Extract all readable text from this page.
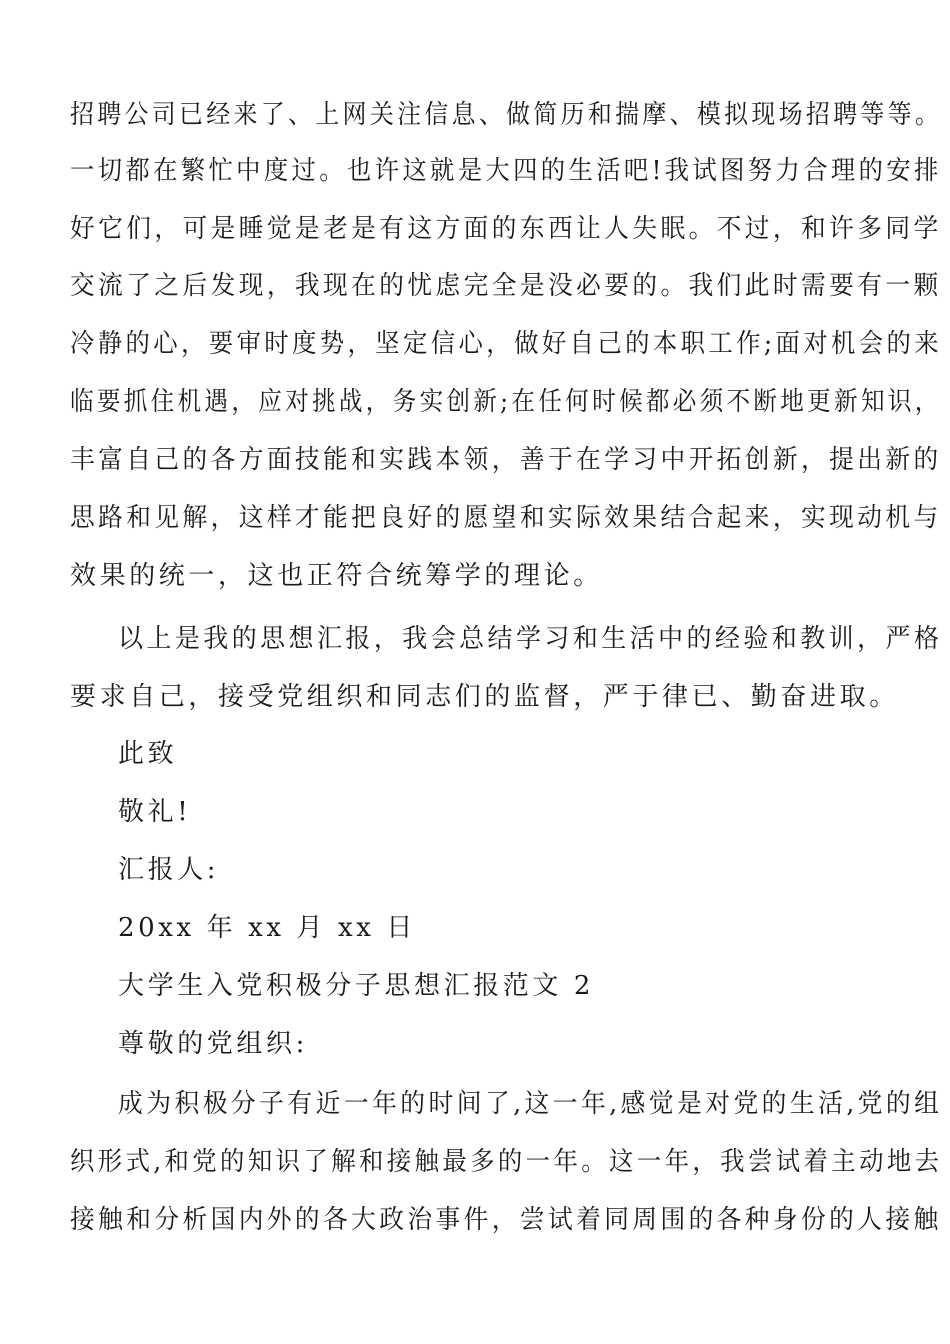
招聘公司已经来了、上网关注信息、做简历和揣摩、模拟现场招聘等等。
一切都在繁忙中度过。也许这就是大四的生活吧!我试图努力合理的安排
好它们，可是睡觉是老是有这方面的东西让人失眠。不过，和许多同学
交流了之后发现，我现在的忧虑完全是没必要的。我们此时需要有一颗
冷静的心，要审时度势，坚定信心，做好自己的本职工作;面对机会的来
临要抓住机遇，应对挑战，务实创新;在任何时候都必须不断地更新知识，
丰富自己的各方面技能和实践本领，善于在学习中开拓创新，提出新的
思路和见解，这样才能把良好的愿望和实际效果结合起来，实现动机与
效果的统一，这也正符合统筹学的理论。
以上是我的思想汇报，我会总结学习和生活中的经验和教训，严格
要求自己，接受党组织和同志们的监督，严于律已、勤奋进取。
此致
敬礼!
汇报人:
20xx 年 xx 月 xx 日
大学生入党积极分子思想汇报范文 2
尊敬的党组织:
成为积极分子有近一年的时间了,这一年,感觉是对党的生活,党的组
织形式,和党的知识了解和接触最多的一年。这一年，我尝试着主动地去
接触和分析国内外的各大政治事件，尝试着同周围的各种身份的人接触
